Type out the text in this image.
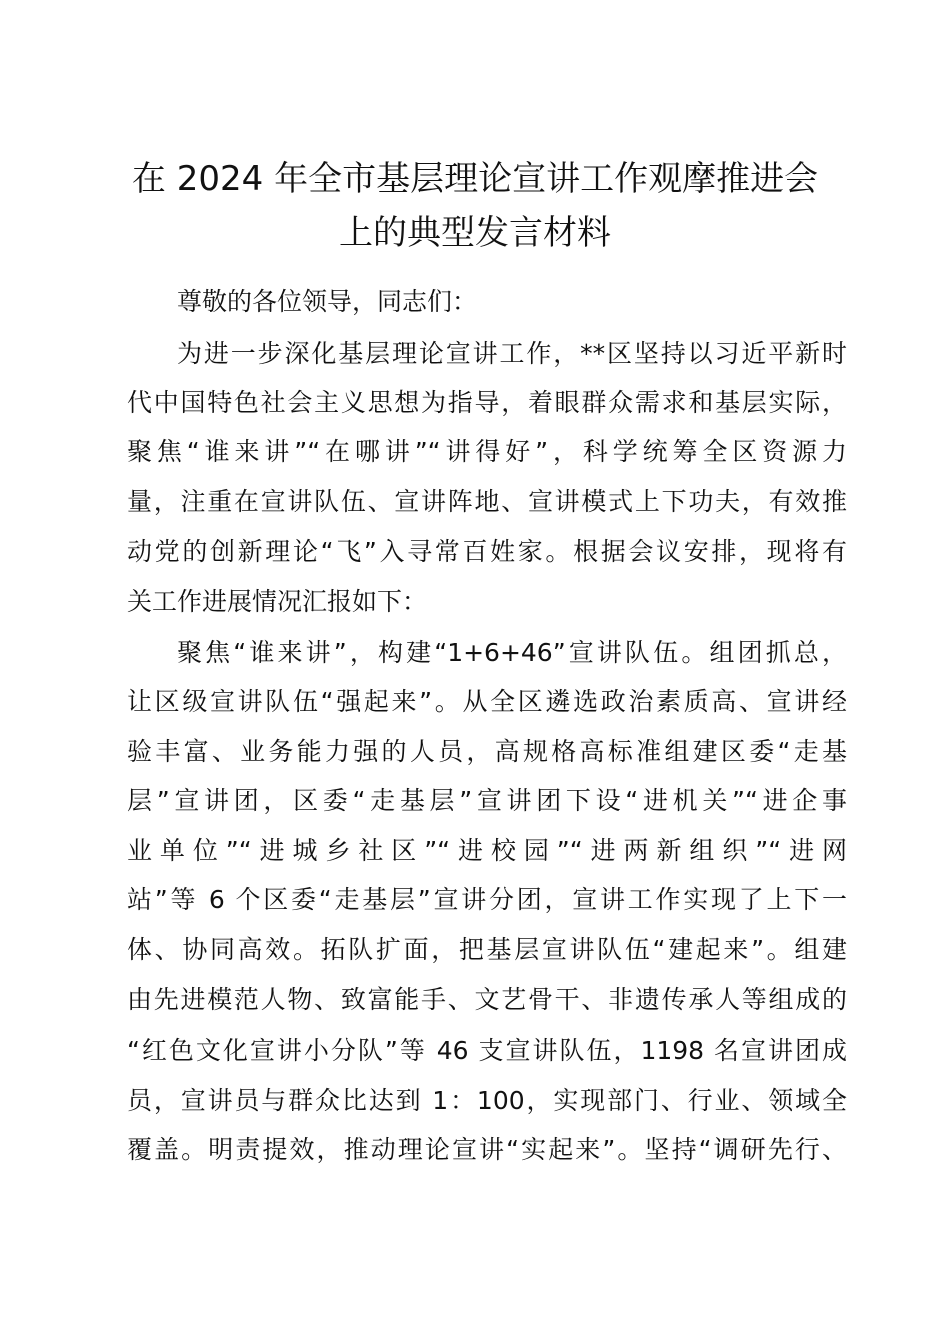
在 2024 年全市基层理论宣讲工作观摩推进会
上的典型发言材料

尊敬的各位领导，同志们：

为进一步深化基层理论宣讲工作，**区坚持以习近平新时

代中国特色社会主义思想为指导，着眼群众需求和基层实际，

聚焦“谁来讲”“在哪讲”“讲得好”，科学统筹全区资源力

量，注重在宣讲队伍、宣讲阵地、宣讲模式上下功夫，有效推

动党的创新理论“飞”入寻常百姓家。根据会议安排，现将有

关工作进展情况汇报如下：

聚焦“谁来讲”，构建“1+6+46”宣讲队伍。组团抓总，

让区级宣讲队伍“强起来”。从全区遴选政治素质高、宣讲经

验丰富、业务能力强的人员，高规格高标准组建区委“走基

层”宣讲团，区委“走基层”宣讲团下设“进机关”“进企事

业单位”“进城乡社区”“进校园”“进两新组织”“进网

站”等 6 个区委“走基层”宣讲分团，宣讲工作实现了上下一

体、协同高效。拓队扩面，把基层宣讲队伍“建起来”。组建

由先进模范人物、致富能手、文艺骨干、非遗传承人等组成的

“红色文化宣讲小分队”等 46 支宣讲队伍，1198 名宣讲团成

员，宣讲员与群众比达到 1：100，实现部门、行业、领域全

覆盖。明责提效，推动理论宣讲“实起来”。坚持“调研先行、
